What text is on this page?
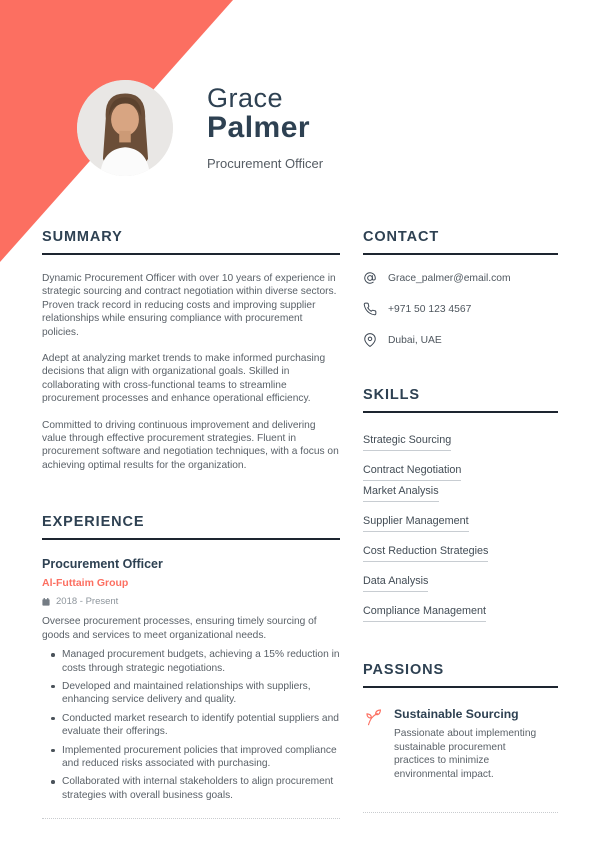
Grace
Palmer
Procurement Officer
SUMMARY

Dynamic Procurement Officer with over 10 years of experience in strategic sourcing and contract negotiation within diverse sectors. Proven track record in reducing costs and improving supplier relationships while ensuring compliance with procurement policies.

Adept at analyzing market trends to make informed purchasing decisions that align with organizational goals. Skilled in collaborating with cross-functional teams to streamline procurement processes and enhance operational efficiency.

Committed to driving continuous improvement and delivering value through effective procurement strategies. Fluent in procurement software and negotiation techniques, with a focus on achieving optimal results for the organization.

EXPERIENCE
Procurement Officer
Al-Futtaim Group
2018 - Present

Oversee procurement processes, ensuring timely sourcing of goods and services to meet organizational needs.

Managed procurement budgets, achieving a 15% reduction in costs through strategic negotiations.
Developed and maintained relationships with suppliers, enhancing service delivery and quality.
Conducted market research to identify potential suppliers and evaluate their offerings.
Implemented procurement policies that improved compliance and reduced risks associated with purchasing.
Collaborated with internal stakeholders to align procurement strategies with overall business goals.
CONTACT
Grace_palmer@email.com
+971 50 123 4567
Dubai, UAE
SKILLS
Strategic Sourcing
Contract NegotiationMarket Analysis
Supplier Management
Cost Reduction Strategies
Data Analysis
Compliance Management
PASSIONS
Sustainable Sourcing

Passionate about implementing sustainable procurement practices to minimize environmental impact.
